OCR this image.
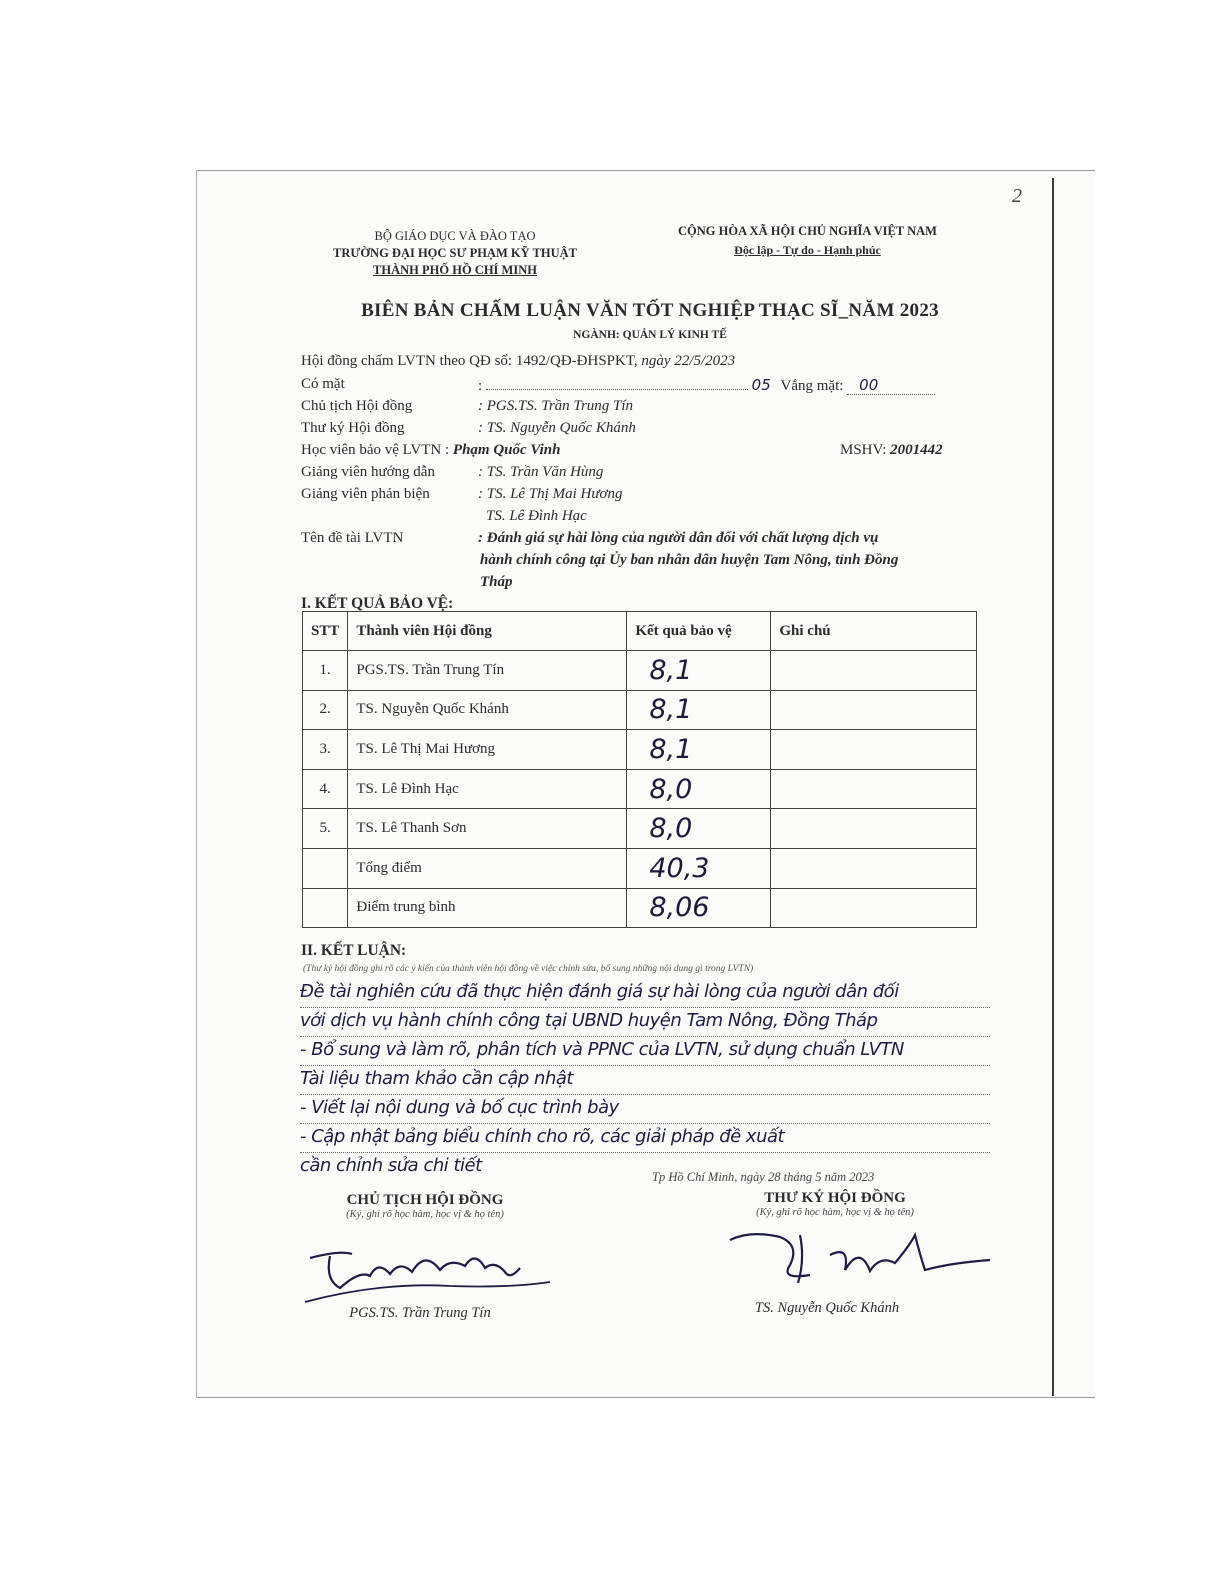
2
BỘ GIÁO DỤC VÀ ĐÀO TẠO
TRƯỜNG ĐẠI HỌC SƯ PHẠM KỸ THUẬT
THÀNH PHỐ HỒ CHÍ MINH
CỘNG HÒA XÃ HỘI CHỦ NGHĨA VIỆT NAM
Độc lập - Tự do - Hạnh phúc
BIÊN BẢN CHẤM LUẬN VĂN TỐT NGHIỆP THẠC SĨ_NĂM 2023
NGÀNH: QUẢN LÝ KINH TẾ
Hội đồng chấm LVTN theo QĐ số: 1492/QĐ-ĐHSPKT, ngày 22/5/2023
Có mặt	:	05 Vắng mặt: 00
Chủ tịch Hội đồng	: PGS.TS. Trần Trung Tín
Thư ký Hội đồng	: TS. Nguyễn Quốc Khánh
Học viên bảo vệ LVTN : Phạm Quốc Vinh	MSHV: 2001442
Giảng viên hướng dẫn	: TS. Trần Văn Hùng
Giảng viên phản biện	: TS. Lê Thị Mai Hương
TS. Lê Đình Hạc
Tên đề tài LVTN	: Đánh giá sự hài lòng của người dân đối với chất lượng dịch vụ
hành chính công tại Ủy ban nhân dân huyện Tam Nông, tỉnh Đồng
Tháp
I. KẾT QUẢ BẢO VỆ:
STT	Thành viên Hội đồng	Kết quả bảo vệ	Ghi chú
1.	PGS.TS. Trần Trung Tín	8,1	
2.	TS. Nguyễn Quốc Khánh	8,1	
3.	TS. Lê Thị Mai Hương	8,1	
4.	TS. Lê Đình Hạc	8,0	
5.	TS. Lê Thanh Sơn	8,0	
	Tổng điểm	40,3	
	Điểm trung bình	8,06	
II. KẾT LUẬN:
(Thư ký hội đồng ghi rõ các ý kiến của thành viên hội đồng về việc chỉnh sửa, bổ sung những nội dung gì trong LVTN)
Đề tài nghiên cứu đã thực hiện đánh giá sự hài lòng của người dân đối
với dịch vụ hành chính công tại UBND huyện Tam Nông, Đồng Tháp
- Bổ sung và làm rõ, phân tích và PPNC của LVTN, sử dụng chuẩn LVTN
Tài liệu tham khảo cần cập nhật
- Viết lại nội dung và bố cục trình bày
- Cập nhật bảng biểu chính cho rõ, các giải pháp đề xuất
cần chỉnh sửa chi tiết
Tp Hồ Chí Minh, ngày 28 tháng 5 năm 2023
CHỦ TỊCH HỘI ĐỒNG
(Ký, ghi rõ học hàm, học vị & họ tên)
THƯ KÝ HỘI ĐỒNG
(Ký, ghi rõ học hàm, học vị & họ tên)
PGS.TS. Trần Trung Tín	TS. Nguyễn Quốc Khánh
